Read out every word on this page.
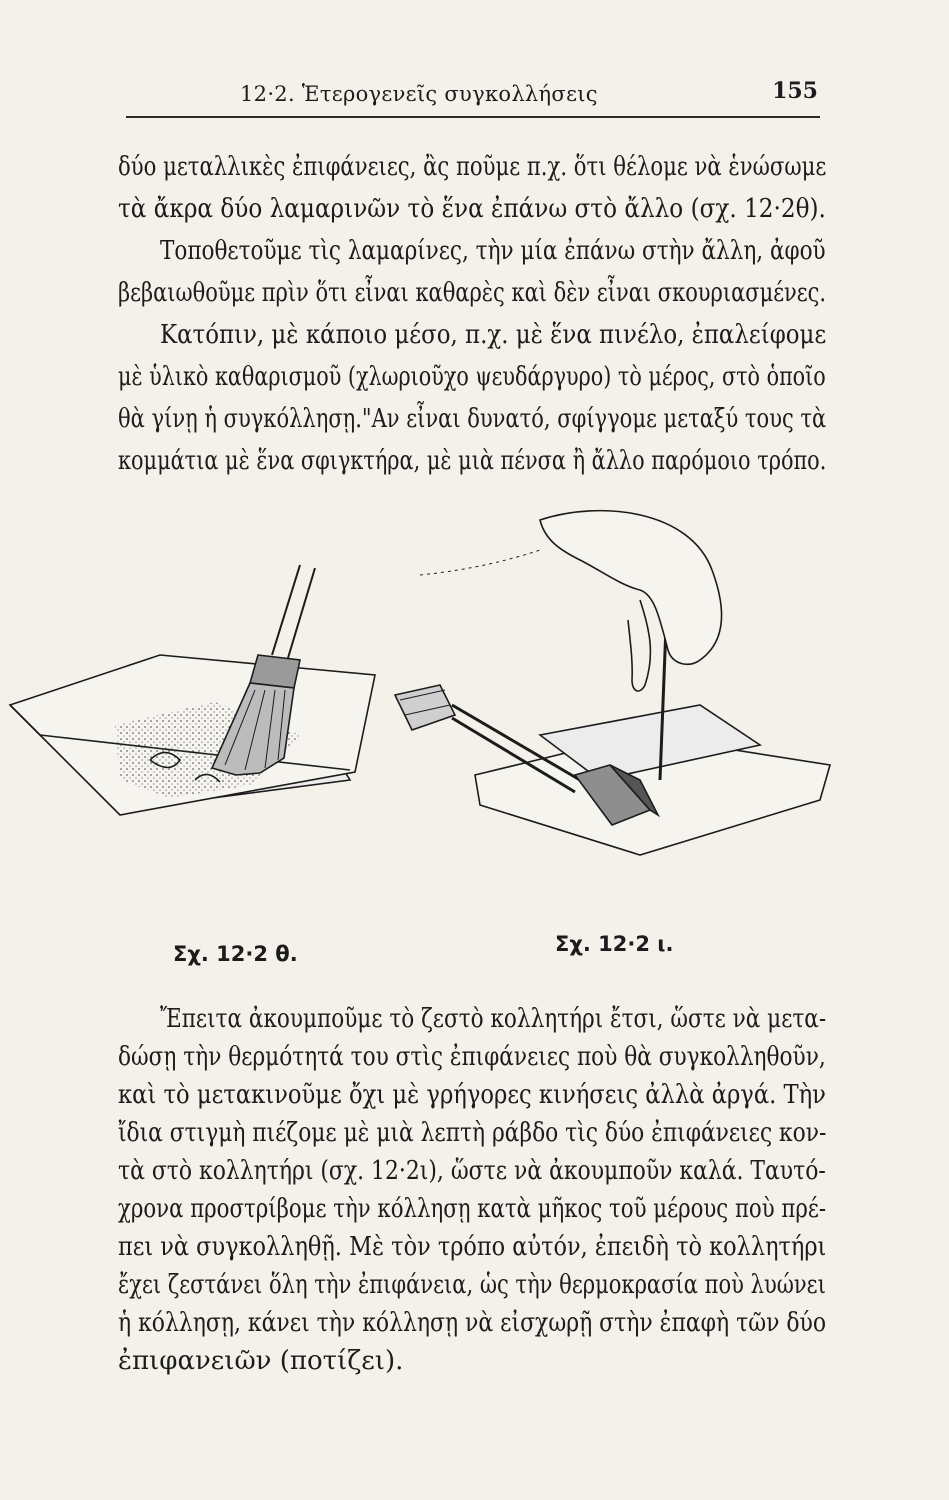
12·2. Ἑτερογενεῖς συγκολλήσεις	155
δύο μεταλλικὲς ἐπιφάνειες, ἂς ποῦμε π.χ. ὅτι θέλομε νὰ ἑνώσωμε
τὰ ἄκρα δύο λαμαρινῶν τὸ ἕνα ἐπάνω στὸ ἄλλο (σχ. 12·2θ).
Τοποθετοῦμε τὶς λαμαρίνες, τὴν μία ἐπάνω στὴν ἄλλη, ἀφοῦ
βεβαιωθοῦμε πρὶν ὅτι εἶναι καθαρὲς καὶ δὲν εἶναι σκουριασμένες.
Κατόπιν, μὲ κάποιο μέσο, π.χ. μὲ ἕνα πινέλο, ἐπαλείφομε
μὲ ὑλικὸ καθαρισμοῦ (χλωριοῦχο ψευδάργυρο) τὸ μέρος, στὸ ὁποῖο
θὰ γίνῃ ἡ συγκόλλησῃ."Αν εἶναι δυνατό, σφίγγομε μεταξύ τους τὰ
κομμάτια μὲ ἕνα σφιγκτήρα, μὲ μιὰ πένσα ἢ ἄλλο παρόμοιο τρόπο.
Σχ. 12·2 θ.	Σχ. 12·2 ι.
Ἔπειτα ἀκουμποῦμε τὸ ζεστὸ κολλητήρι ἔτσι, ὥστε νὰ μετα-
δώσῃ τὴν θερμότητά του στὶς ἐπιφάνειες ποὺ θὰ συγκολληθοῦν,
καὶ τὸ μετακινοῦμε ὄχι μὲ γρήγορες κινήσεις ἀλλὰ ἀργά. Τὴν
ἴδια στιγμὴ πιέζομε μὲ μιὰ λεπτὴ ράβδο τὶς δύο ἐπιφάνειες κον-
τὰ στὸ κολλητήρι (σχ. 12·2ι), ὥστε νὰ ἀκουμποῦν καλά. Ταυτό-
χρονα προστρίβομε τὴν κόλλησῃ κατὰ μῆκος τοῦ μέρους ποὺ πρέ-
πει νὰ συγκολληθῇ. Μὲ τὸν τρόπο αὐτόν, ἐπειδὴ τὸ κολλητήρι
ἔχει ζεστάνει ὅλη τὴν ἐπιφάνεια, ὡς τὴν θερμοκρασία ποὺ λυώνει
ἡ κόλλησῃ, κάνει τὴν κόλλησῃ νὰ εἰσχωρῇ στὴν ἐπαφὴ τῶν δύο
ἐπιφανειῶν (ποτίζει).
